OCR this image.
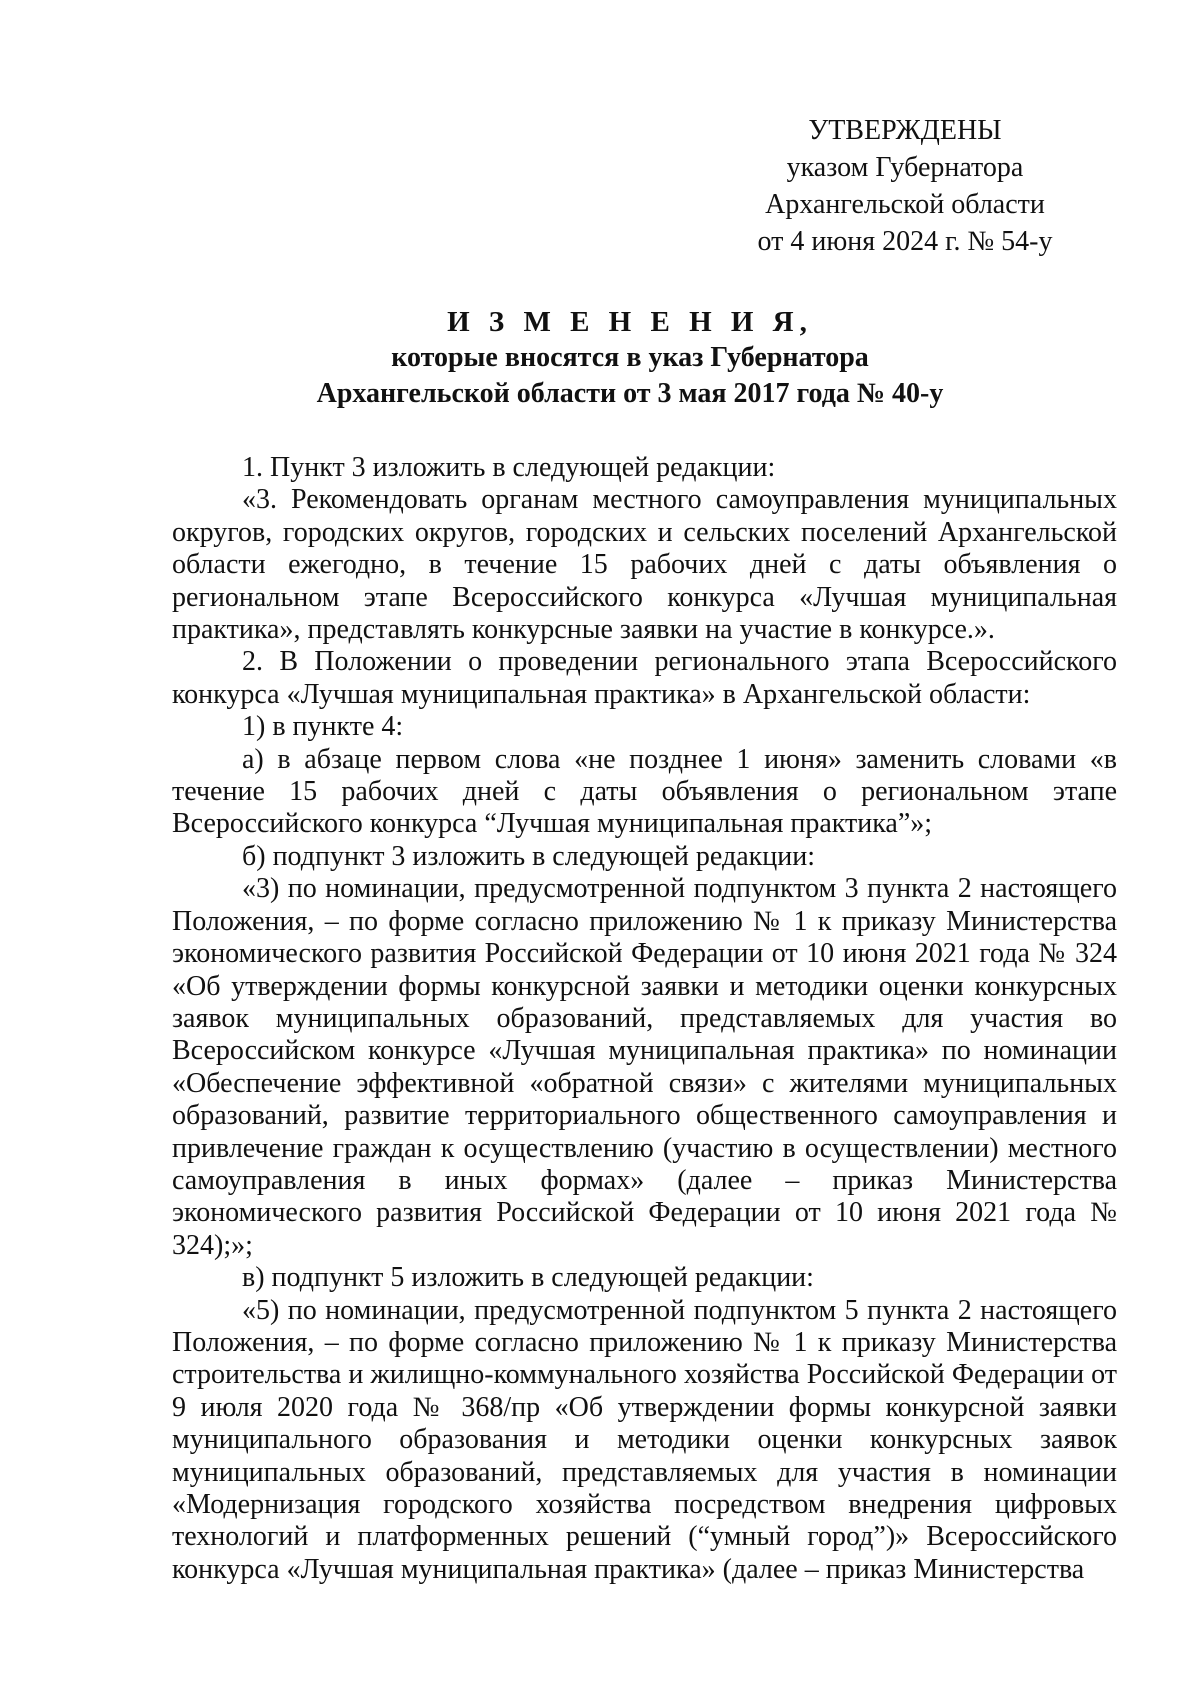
УТВЕРЖДЕНЫ
указом Губернатора
Архангельской области
от 4 июня 2024 г. № 54-у
И З М Е Н Е Н И Я,
которые вносятся в указ Губернатора
Архангельской области от 3 мая 2017 года № 40-у

1. Пункт 3 изложить в следующей редакции:

«3. Рекомендовать органам местного самоуправления муниципальных округов, городских округов, городских и сельских поселений Архангельской области ежегодно, в течение 15 рабочих дней с даты объявления о региональном этапе Всероссийского конкурса «Лучшая муниципальная практика», представлять конкурсные заявки на участие в конкурсе.».

2. В Положении о проведении регионального этапа Всероссийского конкурса «Лучшая муниципальная практика» в Архангельской области:

1) в пункте 4:

а) в абзаце первом слова «не позднее 1 июня» заменить словами «в течение 15 рабочих дней с даты объявления о региональном этапе Всероссийского конкурса “Лучшая муниципальная практика”»;

б) подпункт 3 изложить в следующей редакции:

«3) по номинации, предусмотренной подпунктом 3 пункта 2 настоящего Положения, – по форме согласно приложению № 1 к приказу Министерства экономического развития Российской Федерации от 10 июня 2021 года № 324 «Об утверждении формы конкурсной заявки и методики оценки конкурсных заявок муниципальных образований, представляемых для участия во Всероссийском конкурсе «Лучшая муниципальная практика» по номинации «Обеспечение эффективной «обратной связи» с жителями муниципальных образований, развитие территориального общественного самоуправления и привлечение граждан к осуществлению (участию в осуществлении) местного самоуправления в иных формах» (далее – приказ Министерства экономического развития Российской Федерации от 10 июня 2021 года № 324);»;

в) подпункт 5 изложить в следующей редакции:

«5) по номинации, предусмотренной подпунктом 5 пункта 2 настоящего Положения, – по форме согласно приложению № 1 к приказу Министерства строительства и жилищно-коммунального хозяйства Российской Федерации от 9 июля 2020 года № 368/пр «Об утверждении формы конкурсной заявки муниципального образования и методики оценки конкурсных заявок муниципальных образований, представляемых для участия в номинации «Модернизация городского хозяйства посредством внедрения цифровых технологий и платформенных решений (“умный город”)» Всероссийского конкурса «Лучшая муниципальная практика» (далее – приказ Министерства
